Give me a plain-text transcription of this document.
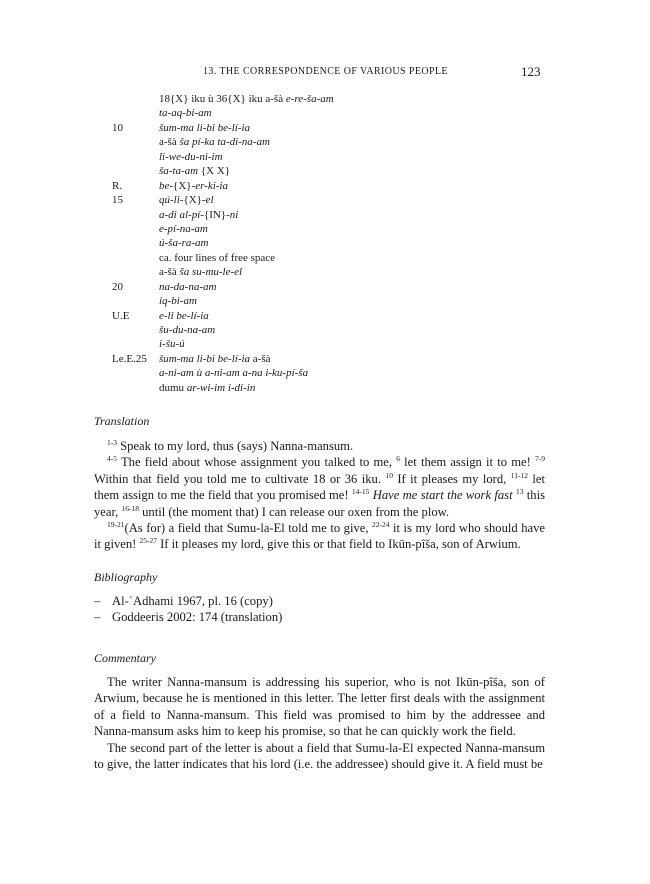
13. THE CORRESPONDENCE OF VARIOUS PEOPLE	123
18{X} iku ù 36{X} iku a-šà e-re-ša-am
ta-aq-bi-am
10	šum-ma li-bi be-lí-ia
a-šà ša pí-ka ta-di-na-am
li-we-du-ni-im
ša-ta-am {X X}
R.	be-{X}-er-ki-ia
15	qú-li-{X}-el
a-di al-pí-{IN}-ni
e-pí-na-am
ú-ša-ra-am
ca. four lines of free space
a-šà ša su-mu-le-el
20	na-da-na-am
iq-bi-am
U.E	e-li be-lí-ia
šu-du-na-am
i-šu-ú
Le.E.25 šum-ma li-bi be-lí-ia a-šà
a-ni-am ù a-ni-am a-na i-ku-pí-ša
dumu ar-wi-im i-di-in
Translation

$^{1-3}$ Speak to my lord, thus (says) Nanna-mansum.

$^{4-5}$ The field about whose assignment you talked to me, $^6$ let them assign it to me! $^{7-9}$ Within that field you told me to cultivate 18 or 36 iku. $^{10}$ If it pleases my lord, $^{11-12}$ let them assign to me the field that you promised me! $^{14-15}$ Have me start the work fast $^{13}$ this year, $^{16-18}$ until (the moment that) I can release our oxen from the plow.

$^{19-21}$(As for) a field that Sumu-la-El told me to give, $^{22-24}$ it is my lord who should have it given! $^{25-27}$ If it pleases my lord, give this or that field to Ikūn-pîša, son of Arwium.

Bibliography
– Al-ʿAdhami 1967, pl. 16 (copy)
– Goddeeris 2002: 174 (translation)
Commentary

The writer Nanna-mansum is addressing his superior, who is not Ikūn-pîša, son of Arwium, because he is mentioned in this letter. The letter first deals with the assignment of a field to Nanna-mansum. This field was promised to him by the addressee and Nanna-mansum asks him to keep his promise, so that he can quickly work the field.

The second part of the letter is about a field that Sumu-la-El expected Nanna-mansum to give, the latter indicates that his lord (i.e. the addressee) should give it. A field must be
